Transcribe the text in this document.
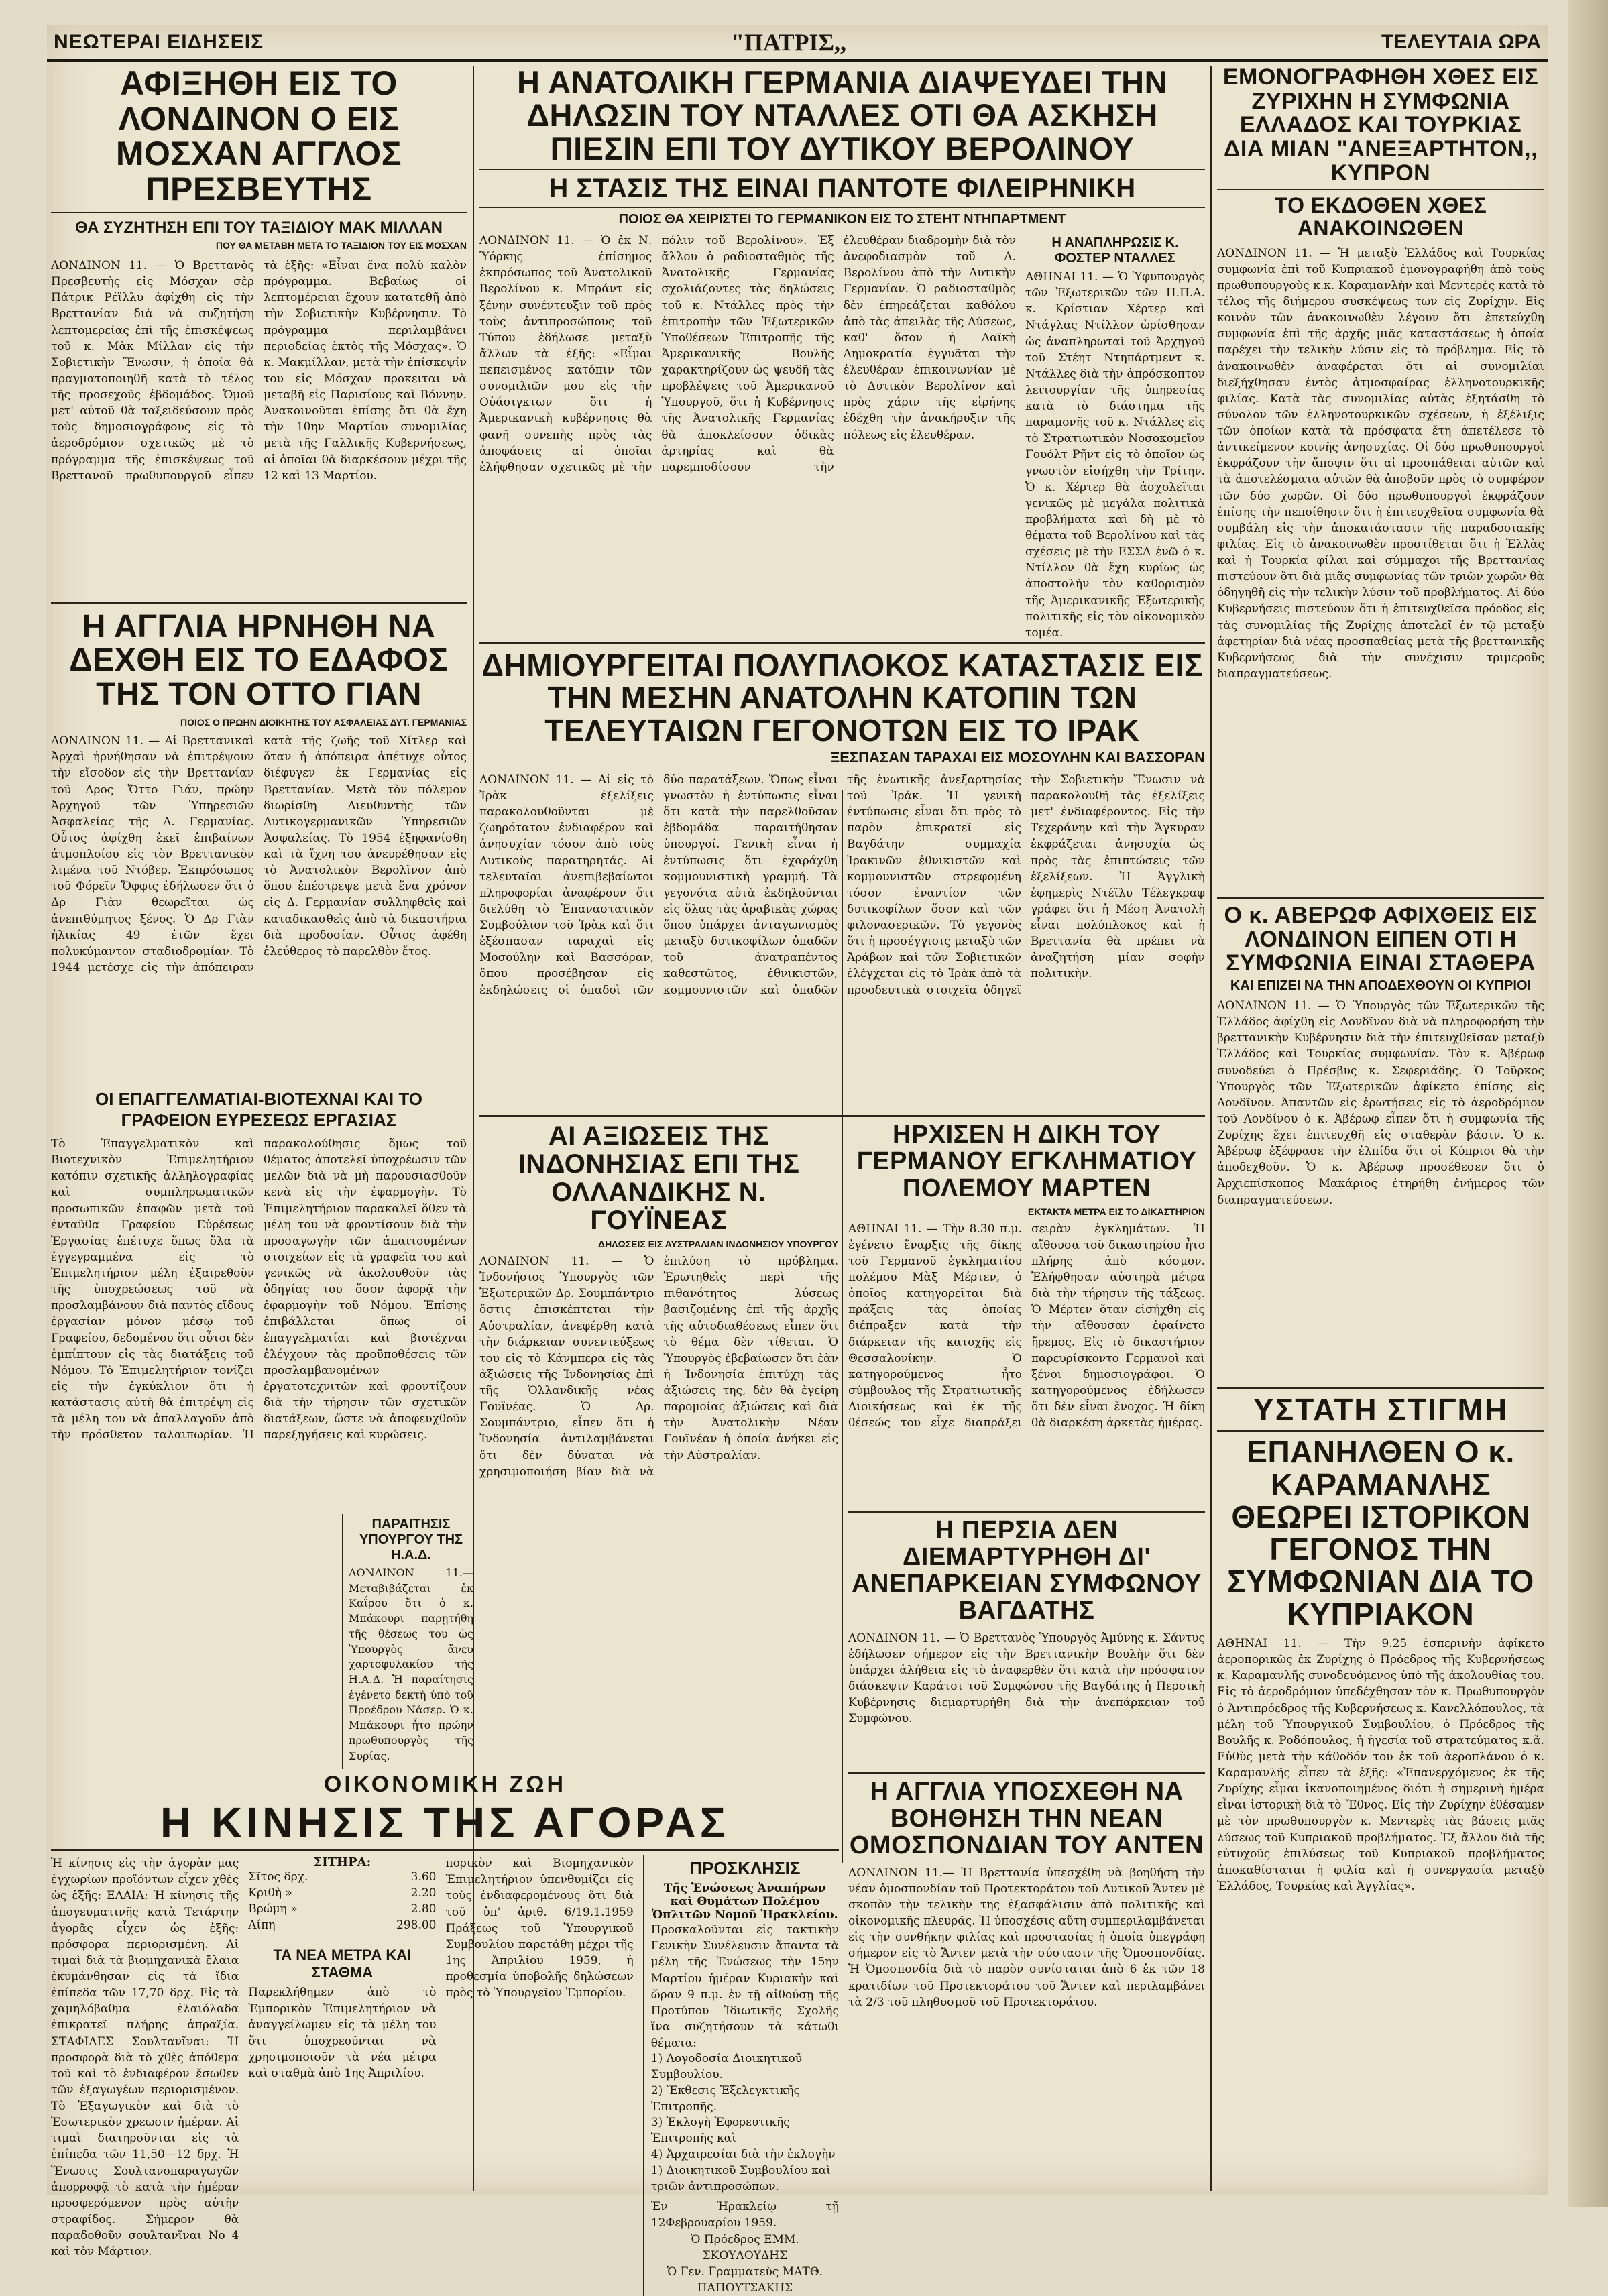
ΝΕΩΤΕΡΑΙ ΕΙΔΗΣΕΙΣ	"ΠΑΤΡΙΣ,,	ΤΕΛΕΥΤΑΙΑ ΩΡΑ
ΑΦΙΞΗΘΗ ΕΙΣ ΤΟ ΛΟΝΔΙΝΟΝ Ο ΕΙΣ ΜΟΣΧΑΝ ΑΓΓΛΟΣ ΠΡΕΣΒΕΥΤΗΣ
ΘΑ ΣΥΖΗΤΗΣΗ ΕΠΙ ΤΟΥ ΤΑΞΙΔΙΟΥ ΜΑΚ ΜΙΛΛΑΝ
ΠΟΥ ΘΑ ΜΕΤΑΒΗ ΜΕΤΑ ΤΟ ΤΑΞΙΔΙΟΝ ΤΟΥ ΕΙΣ ΜΟΣΧΑΝ

ΛΟΝΔΙΝΟΝ 11. — Ὁ Βρεττανὸς Πρεσβευτὴς εἰς Μόσχαν σὲρ Πάτρικ Ρέϊλλυ ἀφίχθη εἰς τὴν Βρεττανίαν διὰ νὰ συζητήση λεπτομερείας ἐπὶ τῆς ἐπισκέψεως τοῦ κ. Μὰκ Μίλλαν εἰς τὴν Σοβιετικὴν Ἕνωσιν, ἡ ὁποία θὰ πραγματοποιηθῆ κατὰ τὸ τέλος τῆς προσεχοῦς ἑβδομάδος. Ὁμοῦ μετ' αὐτοῦ θὰ ταξειδεύσουν πρὸς τοὺς δημοσιογράφους εἰς τὸ ἀεροδρόμιον σχετικῶς μὲ τὸ πρόγραμμα τῆς ἐπισκέψεως τοῦ Βρεττανοῦ πρωθυπουργοῦ εἶπεν τὰ ἑξῆς: «Εἶναι ἕνα πολὺ καλὸν πρόγραμμα. Βεβαίως οἱ λεπτομέρειαι ἔχουν κατατεθῆ ἀπὸ τὴν Σοβιετικὴν Κυβέρνησιν. Τὸ πρόγραμμα περιλαμβάνει περιοδείας ἐκτὸς τῆς Μόσχας». Ὁ κ. Μακμίλλαν, μετὰ τὴν ἐπίσκεψίν του εἰς Μόσχαν προκειται νὰ μεταβῆ εἰς Παρισίους καὶ Βόννην. Ἀνακοινοῦται ἐπίσης ὅτι θὰ ἔχη τὴν 10ην Μαρτίου συνομιλίας μετὰ τῆς Γαλλικῆς Κυβερνήσεως, αἱ ὁποῖαι θὰ διαρκέσουν μέχρι τῆς 12 καὶ 13 Μαρτίου.

Η ΑΓΓΛΙΑ ΗΡΝΗΘΗ ΝΑ ΔΕΧΘΗ ΕΙΣ ΤΟ ΕΔΑΦΟΣ ΤΗΣ ΤΟΝ ΟΤΤΟ ΓΙΑΝ
ΠΟΙΟΣ Ο ΠΡΩΗΝ ΔΙΟΙΚΗΤΗΣ ΤΟΥ ΑΣΦΑΛΕΙΑΣ ΔΥΤ. ΓΕΡΜΑΝΙΑΣ

ΛΟΝΔΙΝΟΝ 11. — Αἱ Βρεττανικαὶ Ἀρχαὶ ἠρνήθησαν νὰ ἐπιτρέψουν τὴν εἴσοδον εἰς τὴν Βρεττανίαν τοῦ Δρος Ὄττο Γιάν, πρώην Ἀρχηγοῦ τῶν Ὑπηρεσιῶν Ἀσφαλείας τῆς Δ. Γερμανίας. Οὗτος ἀφίχθη ἐκεῖ ἐπιβαίνων ἀτμοπλοίου εἰς τὸν Βρεττανικὸν λιμένα τοῦ Ντόβερ. Ἐκπρόσωπος τοῦ Φόρεϊν Ὄφφις ἐδήλωσεν ὅτι ὁ Δρ Γιὰν θεωρεῖται ὡς ἀνεπιθύμητος ξένος. Ὁ Δρ Γιὰν ἡλικίας 49 ἐτῶν ἔχει πολυκύμαντον σταδιοδρομίαν. Τὸ 1944 μετέσχε εἰς τὴν ἀπόπειραν κατὰ τῆς ζωῆς τοῦ Χίτλερ καὶ ὅταν ἡ ἀπόπειρα ἀπέτυχε οὗτος διέφυγεν ἐκ Γερμανίας εἰς Βρεττανίαν. Μετὰ τὸν πόλεμον διωρίσθη Διευθυντὴς τῶν Δυτικογερμανικῶν Ὑπηρεσιῶν Ἀσφαλείας. Τὸ 1954 ἐξηφανίσθη καὶ τὰ ἴχνη του ἀνευρέθησαν εἰς τὸ Ἀνατολικὸν Βερολῖνον ἀπὸ ὅπου ἐπέστρεψε μετὰ ἕνα χρόνον εἰς Δ. Γερμανίαν συλληφθεὶς καὶ καταδικασθεὶς ἀπὸ τὰ δικαστήρια διὰ προδοσίαν. Οὗτος ἀφέθη ἐλεύθερος τὸ παρελθὸν ἔτος.

ΟΙ ΕΠΑΓΓΕΛΜΑΤΙΑΙ-ΒΙΟΤΕΧΝΑΙ ΚΑΙ ΤΟ ΓΡΑΦΕΙΟΝ ΕΥΡΕΣΕΩΣ ΕΡΓΑΣΙΑΣ

Τὸ Ἐπαγγελματικὸν καὶ Βιοτεχνικὸν Ἐπιμελητήριον κατόπιν σχετικῆς ἀλληλογραφίας καὶ συμπληρωματικῶν προσωπικῶν ἐπαφῶν μετὰ τοῦ ἐνταῦθα Γραφείου Εὑρέσεως Ἐργασίας ἐπέτυχε ὅπως ὅλα τὰ ἐγγεγραμμένα εἰς τὸ Ἐπιμελητήριον μέλη ἐξαιρεθοῦν τῆς ὑποχρεώσεως τοῦ νὰ προσλαμβάνουν διὰ παντὸς εἴδους ἐργασίαν μόνον μέσῳ τοῦ Γραφείου, δεδομένου ὅτι οὗτοι δὲν ἐμπίπτουν εἰς τὰς διατάξεις τοῦ Νόμου. Τὸ Ἐπιμελητήριον τονίζει εἰς τὴν ἐγκύκλιον ὅτι ἡ κατάστασις αὐτὴ θὰ ἐπιτρέψη εἰς τὰ μέλη του νὰ ἀπαλλαγοῦν ἀπὸ τὴν πρόσθετον ταλαιπωρίαν. Ἡ παρακολούθησις ὅμως τοῦ θέματος ἀποτελεῖ ὑποχρέωσιν τῶν μελῶν διὰ νὰ μὴ παρουσιασθοῦν κενὰ εἰς τὴν ἐφαρμογὴν. Τὸ Ἐπιμελητήριον παρακαλεῖ ὅθεν τὰ μέλη του νὰ φροντίσουν διὰ τὴν προσαγωγὴν τῶν ἀπαιτουμένων στοιχείων εἰς τὰ γραφεῖα του καὶ γενικῶς νὰ ἀκολουθοῦν τὰς ὁδηγίας του ὅσον ἀφορᾷ τὴν ἐφαρμογὴν τοῦ Νόμου. Ἐπίσης ἐπιβάλλεται ὅπως οἱ ἐπαγγελματίαι καὶ βιοτέχναι ἐλέγχουν τὰς προϋποθέσεις τῶν προσλαμβανομένων ἐργατοτεχνιτῶν καὶ φροντίζουν διὰ τὴν τήρησιν τῶν σχετικῶν διατάξεων, ὥστε νὰ ἀποφευχθοῦν παρεξηγήσεις καὶ κυρώσεις.

ΠΑΡΑΙΤΗΣΙΣ ΥΠΟΥΡΓΟΥ ΤΗΣ Η.Α.Δ.

ΛΟΝΔΙΝΟΝ 11.— Μεταβιβάζεται ἐκ Καΐρου ὅτι ὁ κ. Μπάκουρι παρῃτήθη τῆς θέσεως του ὡς Ὑπουργὸς ἄνευ χαρτοφυλακίου τῆς Η.Α.Δ. Ἡ παραίτησις ἐγένετο δεκτὴ ὑπὸ τοῦ Προέδρου Νάσερ. Ὁ κ. Μπάκουρι ἦτο πρώην πρωθυπουργὸς τῆς Συρίας.

ΟΙΚΟΝΟΜΙΚΗ ΖΩΗ
Η ΚΙΝΗΣΙΣ ΤΗΣ ΑΓΟΡΑΣ

Ἡ κίνησις εἰς τὴν ἀγορὰν μας ἐγχωρίων προϊόντων εἶχεν χθὲς ὡς ἑξῆς: ΕΛΑΙΑ: Ἡ κίνησις τῆς ἀπογευματινῆς κατὰ Τετάρτην ἀγορᾶς εἶχεν ὡς ἑξῆς: πρόσφορα περιορισμένη. Αἱ τιμαὶ διὰ τὰ βιομηχανικὰ ἔλαια ἐκυμάνθησαν εἰς τὰ ἴδια ἐπίπεδα τῶν 17,70 δρχ. Εἰς τὰ χαμηλόβαθμα ἐλαιόλαδα ἐπικρατεῖ πλήρης ἀπραξία. ΣΤΑΦΙΔΕΣ Σουλτανῖναι: Ἡ προσφορὰ διὰ τὸ χθὲς ἀπόθεμα τοῦ καὶ τὸ ἐνδιαφέρον ἔσωθεν τῶν ἐξαγωγέων περιορισμένον. Τὸ Ἐξαγωγικὸν καὶ διὰ τὸ Ἐσωτερικὸν χρεωσιν ἡμέραν. Αἱ τιμαὶ διατηροῦνται εἰς τὰ ἐπίπεδα τῶν 11,50—12 δρχ. Ἡ Ἕνωσις Σουλτανοπαραγωγῶν ἀπορροφᾷ τὸ κατὰ τὴν ἡμέραν προσφερόμενον πρὸς αὐτὴν στραφίδος. Σήμερον θὰ παραδοθοῦν σουλτανῖναι No 4 καὶ τὸν Μάρτιον.

ΣΙΤΗΡΑ:
Σῖτος δρχ.	3.60
Κριθὴ »	2.20
Βρώμη »	2.80
Λίπη	298.00
ΤΑ ΝΕΑ ΜΕΤΡΑ ΚΑΙ ΣΤΑΘΜΑ

Παρεκλήθημεν ἀπὸ τὸ Ἐμπορικὸν Ἐπιμελητήριον νὰ ἀναγγείλωμεν εἰς τὰ μέλη του ὅτι ὑποχρεοῦνται νὰ χρησιμοποιοῦν τὰ νέα μέτρα καὶ σταθμὰ ἀπὸ 1ης Ἀπριλίου.

πορικὸν καὶ Βιομηχανικὸν Ἐπιμελητήριον ὑπενθυμίζει εἰς τοὺς ἐνδιαφερομένους ὅτι διὰ τοῦ ὑπ' ἀριθ. 6/19.1.1959 Πράξεως τοῦ Ὑπουργικοῦ Συμβουλίου παρετάθη μέχρι τῆς 1ης Ἀπριλίου 1959, ἡ προθεσμία ὑποβολῆς δηλώσεων πρὸς τὸ Ὑπουργεῖον Ἐμπορίου.

ΠΡΟΣΚΛΗΣΙΣ
Τῆς Ἑνώσεως Ἀναπήρων καὶ Θυμάτων Πολέμου Ὁπλιτῶν Νομοῦ Ἡρακλείου.

Προσκαλοῦνται εἰς τακτικὴν Γενικὴν Συνέλευσιν ἅπαντα τὰ μέλη τῆς Ἑνώσεως τὴν 15ην Μαρτίου ἡμέραν Κυριακὴν καὶ ὥραν 9 π.μ. ἐν τῇ αἰθούσῃ τῆς Προτύπου Ἰδιωτικῆς Σχολῆς ἵνα συζητήσουν τὰ κάτωθι θέματα:

1) Λογοδοσία Διοικητικοῦ Συμβουλίου.
2) Ἔκθεσις Ἐξελεγκτικῆς Ἐπιτροπῆς.
3) Ἐκλογὴ Ἐφορευτικῆς Ἐπιτροπῆς καὶ
4) Ἀρχαιρεσίαι διὰ τὴν ἐκλογὴν 1) Διοικητικοῦ Συμβουλίου καὶ τριῶν ἀντιπροσώπων.

Ἐν Ἡρακλείῳ τῇ 12Φεβρουαρίου 1959.

Ὁ Πρόεδρος ΕΜΜ. ΣΚΟΥΛΟΥΔΗΣ

Ὁ Γεν. Γραμματεὺς ΜΑΤΘ. ΠΑΠΟΥΤΣΑΚΗΣ

Η ΑΝΑΤΟΛΙΚΗ ΓΕΡΜΑΝΙΑ ΔΙΑΨΕΥΔΕΙ ΤΗΝ ΔΗΛΩΣΙΝ ΤΟΥ ΝΤΑΛΛΕΣ ΟΤΙ ΘΑ ΑΣΚΗΣΗ ΠΙΕΣΙΝ ΕΠΙ ΤΟΥ ΔΥΤΙΚΟΥ ΒΕΡΟΛΙΝΟΥ
Η ΣΤΑΣΙΣ ΤΗΣ ΕΙΝΑΙ ΠΑΝΤΟΤΕ ΦΙΛΕΙΡΗΝΙΚΗ
ΠΟΙΟΣ ΘΑ ΧΕΙΡΙΣΤΕΙ ΤΟ ΓΕΡΜΑΝΙΚΟΝ ΕΙΣ ΤΟ ΣΤΕΗΤ ΝΤΗΠΑΡΤΜΕΝΤ

ΛΟΝΔΙΝΟΝ 11. — Ὁ ἐκ Ν. Ὑόρκης ἐπίσημος ἐκπρόσωπος τοῦ Ἀνατολικοῦ Βερολίνου κ. Μπράντ εἰς ξένην συνέντευξιν τοῦ πρὸς τοὺς ἀντιπροσώπους τοῦ Τύπου ἐδήλωσε μεταξὺ ἄλλων τὰ ἑξῆς: «Εἶμαι πεπεισμένος κατόπιν τῶν συνομιλιῶν μου εἰς τὴν Οὐάσιγκτων ὅτι ἡ Ἀμερικανικὴ κυβέρνησις θὰ φανῆ συνεπὴς πρὸς τὰς ἀποφάσεις αἱ ὁποῖαι ἐλήφθησαν σχετικῶς μὲ τὴν πόλιν τοῦ Βερολίνου». Ἐξ ἄλλου ὁ ραδιοσταθμὸς τῆς Ἀνατολικῆς Γερμανίας σχολιάζοντες τὰς δηλώσεις τοῦ κ. Ντάλλες πρὸς τὴν ἐπιτροπὴν τῶν Ἐξωτερικῶν Ὑποθέσεων Ἐπιτροπῆς τῆς Ἀμερικανικῆς Βουλῆς χαρακτηρίζουν ὡς ψευδῆ τὰς προβλέψεις τοῦ Ἀμερικανοῦ Ὑπουργοῦ, ὅτι ἡ Κυβέρνησις τῆς Ἀνατολικῆς Γερμανίας θὰ ἀποκλείσουν ὁδικὰς ἀρτηρίας καὶ θὰ παρεμποδίσουν τὴν ἐλευθέραν διαδρομὴν διὰ τὸν ἀνεφοδιασμὸν τοῦ Δ. Βερολίνου ἀπὸ τὴν Δυτικὴν Γερμανίαν. Ὁ ραδιοσταθμὸς δὲν ἐπηρεάζεται καθόλου ἀπὸ τὰς ἀπειλὰς τῆς Δύσεως, καθ' ὅσον ἡ Λαϊκὴ Δημοκρατία ἐγγυᾶται τὴν ἐλευθέραν ἐπικοινωνίαν μὲ τὸ Δυτικὸν Βερολίνον καὶ πρὸς χάριν τῆς εἰρήνης ἐδέχθη τὴν ἀνακήρυξιν τῆς πόλεως εἰς ἐλευθέραν.

Η ΑΝΑΠΛΗΡΩΣΙΣ Κ. ΦΟΣΤΕΡ ΝΤΑΛΛΕΣ

ΑΘΗΝΑΙ 11. — Ὁ Ὑφυπουργὸς τῶν Ἐξωτερικῶν τῶν Η.Π.Α. κ. Κρίστιαν Χέρτερ καὶ Ντάγλας Ντίλλον ὡρίσθησαν ὡς ἀναπληρωταὶ τοῦ Ἀρχηγοῦ τοῦ Στέητ Ντηπάρτμεντ κ. Ντάλλες διὰ τὴν ἀπρόσκοπτον λειτουργίαν τῆς ὑπηρεσίας κατὰ τὸ διάστημα τῆς παραμονῆς τοῦ κ. Ντάλλες εἰς τὸ Στρατιωτικὸν Νοσοκομεῖον Γουόλτ Ρῆντ εἰς τὸ ὁποῖον ὡς γνωστὸν εἰσήχθη τὴν Τρίτην. Ὁ κ. Χέρτερ θὰ ἀσχολεῖται γενικῶς μὲ μεγάλα πολιτικὰ προβλήματα καὶ δὴ μὲ τὸ θέματα τοῦ Βερολίνου καὶ τὰς σχέσεις μὲ τὴν ΕΣΣΔ ἐνῶ ὁ κ. Ντίλλον θὰ ἔχη κυρίως ὡς ἀποστολὴν τὸν καθορισμὸν τῆς Ἀμερικανικῆς Ἐξωτερικῆς πολιτικῆς εἰς τὸν οἰκονομικὸν τομέα.

ΔΗΜΙΟΥΡΓΕΙΤΑΙ ΠΟΛΥΠΛΟΚΟΣ ΚΑΤΑΣΤΑΣΙΣ ΕΙΣ ΤΗΝ ΜΕΣΗΝ ΑΝΑΤΟΛΗΝ ΚΑΤΟΠΙΝ ΤΩΝ ΤΕΛΕΥΤΑΙΩΝ ΓΕΓΟΝΟΤΩΝ ΕΙΣ ΤΟ ΙΡΑΚ
ΞΕΣΠΑΣΑΝ ΤΑΡΑΧΑΙ ΕΙΣ ΜΟΣΟΥΛΗΝ ΚΑΙ ΒΑΣΣΟΡΑΝ

ΛΟΝΔΙΝΟΝ 11. — Αἱ εἰς τὸ Ἰρὰκ ἐξελίξεις παρακολουθοῦνται μὲ ζωηρότατον ἐνδιαφέρον καὶ ἀνησυχίαν τόσον ἀπὸ τοὺς Δυτικοὺς παρατηρητάς. Αἱ τελευταῖαι ἀνεπιβεβαίωτοι πληροφορίαι ἀναφέρουν ὅτι διελύθη τὸ Ἐπαναστατικὸν Συμβούλιον τοῦ Ἰρὰκ καὶ ὅτι ἐξέσπασαν ταραχαὶ εἰς Μοσούλην καὶ Βασσόραν, ὅπου προσέβησαν εἰς ἐκδηλώσεις οἱ ὁπαδοὶ τῶν δύο παρατάξεων. Ὅπως εἶναι γνωστὸν ἡ ἐντύπωσις εἶναι ὅτι κατὰ τὴν παρελθοῦσαν ἑβδομάδα παραιτήθησαν ὑπουργοί. Γενικὴ εἶναι ἡ ἐντύπωσις ὅτι ἐχαράχθη κομμουνιστικὴ γραμμή. Τὰ γεγονότα αὐτὰ ἐκδηλοῦνται εἰς ὅλας τὰς ἀραβικὰς χώρας ὅπου ὑπάρχει ἀνταγωνισμὸς μεταξὺ δυτικοφίλων ὁπαδῶν τοῦ ἀνατραπέντος καθεστῶτος, ἐθνικιστῶν, κομμουνιστῶν καὶ ὁπαδῶν τῆς ἑνωτικῆς ἀνεξαρτησίας τοῦ Ἰράκ. Ἡ γενικὴ ἐντύπωσις εἶναι ὅτι πρὸς τὸ παρὸν ἐπικρατεῖ εἰς Βαγδάτην συμμαχία Ἰρακινῶν ἐθνικιστῶν καὶ κομμουνιστῶν στρεφομένη τόσον ἐναντίον τῶν δυτικοφίλων ὅσον καὶ τῶν φιλονασερικῶν. Τὸ γεγονὸς ὅτι ἡ προσέγγισις μεταξὺ τῶν Ἀράβων καὶ τῶν Σοβιετικῶν ἐλέγχεται εἰς τὸ Ἰρὰκ ἀπὸ τὰ προοδευτικὰ στοιχεῖα ὁδηγεῖ τὴν Σοβιετικὴν Ἕνωσιν νὰ παρακολουθῆ τὰς ἐξελίξεις μετ' ἐνδιαφέροντος. Εἰς τὴν Τεχεράνην καὶ τὴν Ἄγκυραν ἐκφράζεται ἀνησυχία ὡς πρὸς τὰς ἐπιπτώσεις τῶν ἐξελίξεων. Ἡ Ἀγγλικὴ ἐφημερὶς Ντέϊλυ Τέλεγκραφ γράφει ὅτι ἡ Μέση Ἀνατολὴ εἶναι πολύπλοκος καὶ ἡ Βρεττανία θὰ πρέπει νὰ ἀναζητήση μίαν σοφὴν πολιτικὴν.

ΑΙ ΑΞΙΩΣΕΙΣ ΤΗΣ ΙΝΔΟΝΗΣΙΑΣ ΕΠΙ ΤΗΣ ΟΛΛΑΝΔΙΚΗΣ Ν. ΓΟΥΪΝΕΑΣ
ΔΗΛΩΣΕΙΣ ΕΙΣ ΑΥΣΤΡΑΛΙΑΝ ΙΝΔΟΝΗΣΙΟΥ ΥΠΟΥΡΓΟΥ

ΛΟΝΔΙΝΟΝ 11. — Ὁ Ἰνδονήσιος Ὑπουργὸς τῶν Ἐξωτερικῶν Δρ. Σουμπάντριο ὅστις ἐπισκέπτεται τὴν Αὐστραλίαν, ἀνεφέρθη κατὰ τὴν διάρκειαν συνεντεύξεως του εἰς τὸ Κάνμπερα εἰς τὰς ἀξιώσεις τῆς Ἰνδονησίας ἐπὶ τῆς Ὁλλανδικῆς νέας Γουϊνέας. Ὁ Δρ. Σουμπάντριο, εἶπεν ὅτι ἡ Ἰνδονησία ἀντιλαμβάνεται ὅτι δὲν δύναται νὰ χρησιμοποιήση βίαν διὰ νὰ ἐπιλύση τὸ πρόβλημα. Ἐρωτηθεὶς περὶ τῆς πιθανότητος λύσεως βασιζομένης ἐπὶ τῆς ἀρχῆς τῆς αὐτοδιαθέσεως εἶπεν ὅτι τὸ θέμα δὲν τίθεται. Ὁ Ὑπουργὸς ἐβεβαίωσεν ὅτι ἐὰν ἡ Ἰνδονησία ἐπιτύχη τὰς ἀξιώσεις της, δὲν θὰ ἐγείρη παρομοίας ἀξιώσεις καὶ διὰ τὴν Ἀνατολικὴν Νέαν Γουϊνέαν ἡ ὁποία ἀνήκει εἰς τὴν Αὐστραλίαν.

ΗΡΧΙΣΕΝ Η ΔΙΚΗ ΤΟΥ ΓΕΡΜΑΝΟΥ ΕΓΚΛΗΜΑΤΙΟΥ ΠΟΛΕΜΟΥ ΜΑΡΤΕΝ
ΕΚΤΑΚΤΑ ΜΕΤΡΑ ΕΙΣ ΤΟ ΔΙΚΑΣΤΗΡΙΟΝ

ΑΘΗΝΑΙ 11. — Τὴν 8.30 π.μ. ἐγένετο ἔναρξις τῆς δίκης τοῦ Γερμανοῦ ἐγκληματίου πολέμου Μὰξ Μέρτεν, ὁ ὁποῖος κατηγορεῖται διὰ πράξεις τὰς ὁποίας διέπραξεν κατὰ τὴν διάρκειαν τῆς κατοχῆς εἰς Θεσσαλονίκην. Ὁ κατηγορούμενος ἦτο σύμβουλος τῆς Στρατιωτικῆς Διοικήσεως καὶ ἐκ τῆς θέσεώς του εἶχε διαπράξει σειρὰν ἐγκλημάτων. Ἡ αἴθουσα τοῦ δικαστηρίου ἦτο πλήρης ἀπὸ κόσμον. Ἐλήφθησαν αὐστηρὰ μέτρα διὰ τὴν τήρησιν τῆς τάξεως. Ὁ Μέρτεν ὅταν εἰσήχθη εἰς τὴν αἴθουσαν ἐφαίνετο ἤρεμος. Εἰς τὸ δικαστήριον παρευρίσκοντο Γερμανοὶ καὶ ξένοι δημοσιογράφοι. Ὁ κατηγορούμενος ἐδήλωσεν ὅτι δὲν εἶναι ἔνοχος. Ἡ δίκη θὰ διαρκέση ἀρκετὰς ἡμέρας.

Η ΠΕΡΣΙΑ ΔΕΝ ΔΙΕΜΑΡΤΥΡΗΘΗ ΔΙ' ΑΝΕΠΑΡΚΕΙΑΝ ΣΥΜΦΩΝΟΥ ΒΑΓΔΑΤΗΣ

ΛΟΝΔΙΝΟΝ 11. — Ὁ Βρεττανὸς Ὑπουργὸς Ἀμύνης κ. Σάντυς ἐδήλωσεν σήμερον εἰς τὴν Βρεττανικὴν Βουλὴν ὅτι δὲν ὑπάρχει ἀλήθεια εἰς τὸ ἀναφερθὲν ὅτι κατὰ τὴν πρόσφατον διάσκεψιν Καράτσι τοῦ Συμφώνου τῆς Βαγδάτης ἡ Περσικὴ Κυβέρνησις διεμαρτυρήθη διὰ τὴν ἀνεπάρκειαν τοῦ Συμφώνου.

Η ΑΓΓΛΙΑ ΥΠΟΣΧΕΘΗ ΝΑ ΒΟΗΘΗΣΗ ΤΗΝ ΝΕΑΝ ΟΜΟΣΠΟΝΔΙΑΝ ΤΟΥ ΑΝΤΕΝ

ΛΟΝΔΙΝΟΝ 11.— Ἡ Βρεττανία ὑπεσχέθη νὰ βοηθήση τὴν νέαν ὁμοσπονδίαν τοῦ Προτεκτοράτου τοῦ Δυτικοῦ Ἄντεν μὲ σκοπὸν τὴν τελικὴν της ἐξασφάλισιν ἀπὸ πολιτικῆς καὶ οἰκονομικῆς πλευρᾶς. Ἡ ὑποσχέσις αὕτη συμπεριλαμβάνεται εἰς τὴν συνθήκην φιλίας καὶ προστασίας ἡ ὁποία ὑπεγράφη σήμερον εἰς τὸ Ἄντεν μετὰ τὴν σύστασιν τῆς Ὁμοσπονδίας. Ἡ Ὁμοσπονδία διὰ τὸ παρὸν συνίσταται ἀπὸ 6 ἐκ τῶν 18 κρατιδίων τοῦ Προτεκτοράτου τοῦ Ἄντεν καὶ περιλαμβάνει τὰ 2/3 τοῦ πληθυσμοῦ τοῦ Προτεκτοράτου.

ΕΜΟΝΟΓΡΑΦΗΘΗ ΧΘΕΣ ΕΙΣ ΖΥΡΙΧΗΝ Η ΣΥΜΦΩΝΙΑ ΕΛΛΑΔΟΣ ΚΑΙ ΤΟΥΡΚΙΑΣ ΔΙΑ ΜΙΑΝ "ΑΝΕΞΑΡΤΗΤΟΝ,, ΚΥΠΡΟΝ
ΤΟ ΕΚΔΟΘΕΝ ΧΘΕΣ ΑΝΑΚΟΙΝΩΘΕΝ

ΛΟΝΔΙΝΟΝ 11. — Ἡ μεταξὺ Ἑλλάδος καὶ Τουρκίας συμφωνία ἐπὶ τοῦ Κυπριακοῦ ἐμονογραφήθη ἀπὸ τοὺς πρωθυπουργοὺς κ.κ. Καραμανλὴν καὶ Μεντερὲς κατὰ τὸ τέλος τῆς διήμερου συσκέψεως των εἰς Ζυρίχην. Εἰς κοινὸν τῶν ἀνακοινωθὲν λέγουν ὅτι ἐπετεύχθη συμφωνία ἐπὶ τῆς ἀρχῆς μιᾶς καταστάσεως ἡ ὁποία παρέχει τὴν τελικὴν λύσιν εἰς τὸ πρόβλημα. Εἰς τὸ ἀνακοινωθὲν ἀναφέρεται ὅτι αἱ συνομιλίαι διεξήχθησαν ἐντὸς ἀτμοσφαίρας ἑλληνοτουρκικῆς φιλίας. Κατὰ τὰς συνομιλίας αὐτὰς ἐξητάσθη τὸ σύνολον τῶν ἑλληνοτουρκικῶν σχέσεων, ἡ ἐξέλιξις τῶν ὁποίων κατὰ τὰ πρόσφατα ἔτη ἀπετέλεσε τὸ ἀντικείμενον κοινῆς ἀνησυχίας. Οἱ δύο πρωθυπουργοὶ ἐκφράζουν τὴν ἄποψιν ὅτι αἱ προσπάθειαι αὐτῶν καὶ τὰ ἀποτελέσματα αὐτῶν θὰ ἀποβοῦν πρὸς τὸ συμφέρον τῶν δύο χωρῶν. Οἱ δύο πρωθυπουργοὶ ἐκφράζουν ἐπίσης τὴν πεποίθησιν ὅτι ἡ ἐπιτευχθεῖσα συμφωνία θὰ συμβάλη εἰς τὴν ἀποκατάστασιν τῆς παραδοσιακῆς φιλίας. Εἰς τὸ ἀνακοινωθὲν προστίθεται ὅτι ἡ Ἑλλὰς καὶ ἡ Τουρκία φίλαι καὶ σύμμαχοι τῆς Βρεττανίας πιστεύουν ὅτι διὰ μιᾶς συμφωνίας τῶν τριῶν χωρῶν θὰ ὁδηγηθῆ εἰς τὴν τελικὴν λύσιν τοῦ προβλήματος. Αἱ δύο Κυβερνήσεις πιστεύουν ὅτι ἡ ἐπιτευχθεῖσα πρόοδος εἰς τὰς συνομιλίας τῆς Ζυρίχης ἀποτελεῖ ἐν τῷ μεταξὺ ἀφετηρίαν διὰ νέας προσπαθείας μετὰ τῆς βρεττανικῆς Κυβερνήσεως διὰ τὴν συνέχισιν τριμεροῦς διαπραγματεύσεως.

Ο κ. ΑΒΕΡΩΦ ΑΦΙΧΘΕΙΣ ΕΙΣ ΛΟΝΔΙΝΟΝ ΕΙΠΕΝ ΟΤΙ Η ΣΥΜΦΩΝΙΑ ΕΙΝΑΙ ΣΤΑΘΕΡΑ
ΚΑΙ ΕΠΙΖΕΙ ΝΑ ΤΗΝ ΑΠΟΔΕΧΘΟΥΝ ΟΙ ΚΥΠΡΙΟΙ

ΛΟΝΔΙΝΟΝ 11. — Ὁ Ὑπουργὸς τῶν Ἐξωτερικῶν τῆς Ἑλλάδος ἀφίχθη εἰς Λονδῖνον διὰ νὰ πληροφορήση τὴν βρεττανικὴν Κυβέρνησιν διὰ τὴν ἐπιτευχθεῖσαν μεταξὺ Ἑλλάδος καὶ Τουρκίας συμφωνίαν. Τὸν κ. Ἀβέρωφ συνοδεύει ὁ Πρέσβυς κ. Σεφεριάδης. Ὁ Τοῦρκος Ὑπουργὸς τῶν Ἐξωτερικῶν ἀφίκετο ἐπίσης εἰς Λονδῖνον. Ἀπαντῶν εἰς ἐρωτήσεις εἰς τὸ ἀεροδρόμιον τοῦ Λονδίνου ὁ κ. Ἀβέρωφ εἶπεν ὅτι ἡ συμφωνία τῆς Ζυρίχης ἔχει ἐπιτευχθῆ εἰς σταθερὰν βάσιν. Ὁ κ. Ἀβέρωφ ἐξέφρασε τὴν ἐλπίδα ὅτι οἱ Κύπριοι θὰ τὴν ἀποδεχθοῦν. Ὁ κ. Ἀβέρωφ προσέθεσεν ὅτι ὁ Ἀρχιεπίσκοπος Μακάριος ἐτηρήθη ἐνήμερος τῶν διαπραγματεύσεων.

ΥΣΤΑΤΗ ΣΤΙΓΜΗ
ΕΠΑΝΗΛΘΕΝ Ο κ. ΚΑΡΑΜΑΝΛΗΣ ΘΕΩΡΕΙ ΙΣΤΟΡΙΚΟΝ ΓΕΓΟΝΟΣ ΤΗΝ ΣΥΜΦΩΝΙΑΝ ΔΙΑ ΤΟ ΚΥΠΡΙΑΚΟΝ

ΑΘΗΝΑΙ 11. — Τὴν 9.25 ἑσπερινὴν ἀφίκετο ἀεροπορικῶς ἐκ Ζυρίχης ὁ Πρόεδρος τῆς Κυβερνήσεως κ. Καραμανλῆς συνοδευόμενος ὑπὸ τῆς ἀκολουθίας του. Εἰς τὸ ἀεροδρόμιον ὑπεδέχθησαν τὸν κ. Πρωθυπουργὸν ὁ Ἀντιπρόεδρος τῆς Κυβερνήσεως κ. Κανελλόπουλος, τὰ μέλη τοῦ Ὑπουργικοῦ Συμβουλίου, ὁ Πρόεδρος τῆς Βουλῆς κ. Ροδόπουλος, ἡ ἡγεσία τοῦ στρατεύματος κ.ἄ. Εὐθὺς μετὰ τὴν κάθοδόν του ἐκ τοῦ ἀεροπλάνου ὁ κ. Καραμανλῆς εἶπεν τὰ ἑξῆς: «Ἐπανερχόμενος ἐκ τῆς Ζυρίχης εἶμαι ἱκανοποιημένος διότι ἡ σημερινὴ ἡμέρα εἶναι ἱστορικὴ διὰ τὸ Ἔθνος. Εἰς τὴν Ζυρίχην ἐθέσαμεν μὲ τὸν πρωθυπουργὸν κ. Μεντερὲς τὰς βάσεις μιᾶς λύσεως τοῦ Κυπριακοῦ προβλήματος. Ἐξ ἄλλου διὰ τῆς εὐτυχοῦς ἐπιλύσεως τοῦ Κυπριακοῦ προβλήματος ἀποκαθίσταται ἡ φιλία καὶ ἡ συνεργασία μεταξὺ Ἑλλάδος, Τουρκίας καὶ Ἀγγλίας».
